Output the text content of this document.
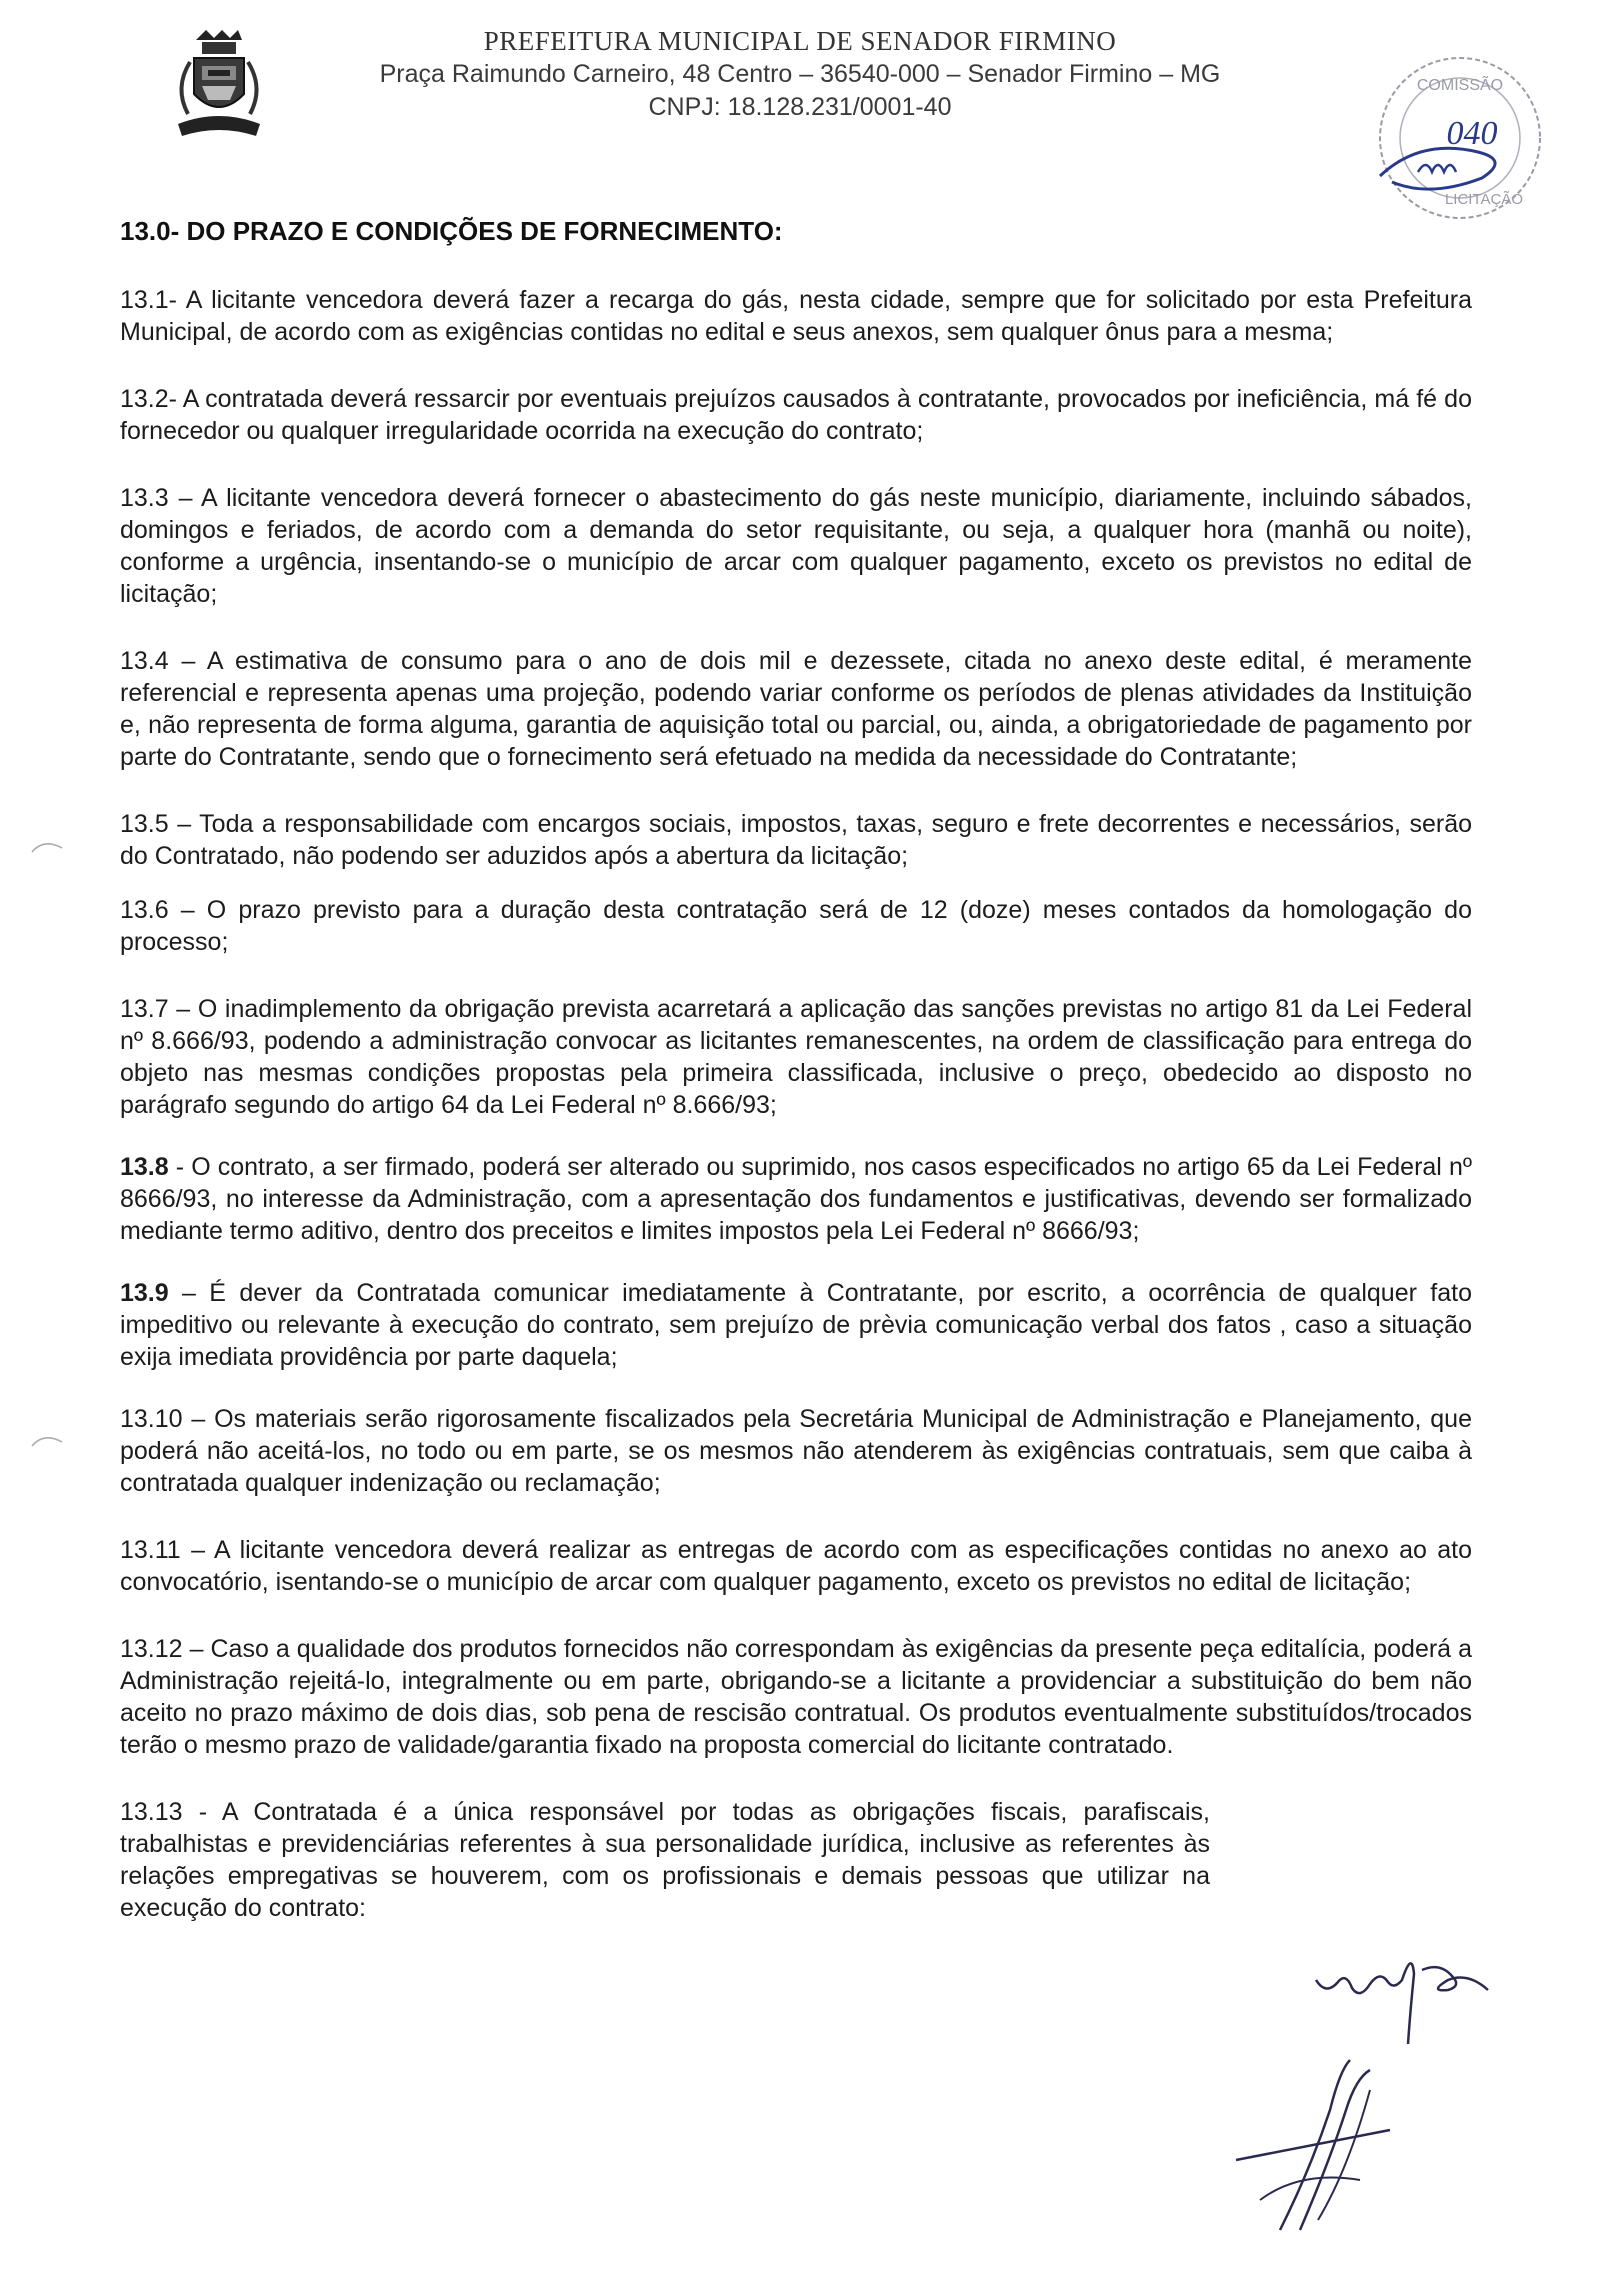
PREFEITURA MUNICIPAL DE SENADOR FIRMINO
Praça Raimundo Carneiro, 48 Centro – 36540-000 – Senador Firmino – MG
CNPJ: 18.128.231/0001-40
COMISSÃO
040
LICITAÇÃO
13.0- DO PRAZO E CONDIÇÕES DE FORNECIMENTO:

13.1- A licitante vencedora deverá fazer a recarga do gás, nesta cidade, sempre que for solicitado por esta Prefeitura Municipal, de acordo com as exigências contidas no edital e seus anexos, sem qualquer ônus para a mesma;

13.2- A contratada deverá ressarcir por eventuais prejuízos causados à contratante, provocados por ineficiência, má fé do fornecedor ou qualquer irregularidade ocorrida na execução do contrato;

13.3 – A licitante vencedora deverá fornecer o abastecimento do gás neste município, diariamente, incluindo sábados, domingos e feriados, de acordo com a demanda do setor requisitante, ou seja, a qualquer hora (manhã ou noite), conforme a urgência, insentando-se o município de arcar com qualquer pagamento, exceto os previstos no edital de licitação;

13.4 – A estimativa de consumo para o ano de dois mil e dezessete, citada no anexo deste edital, é meramente referencial e representa apenas uma projeção, podendo variar conforme os períodos de plenas atividades da Instituição e, não representa de forma alguma, garantia de aquisição total ou parcial, ou, ainda, a obrigatoriedade de pagamento por parte do Contratante, sendo que o fornecimento será efetuado na medida da necessidade do Contratante;

13.5 – Toda a responsabilidade com encargos sociais, impostos, taxas, seguro e frete decorrentes e necessários, serão do Contratado, não podendo ser aduzidos após a abertura da licitação;

13.6 – O prazo previsto para a duração desta contratação será de 12 (doze) meses contados da homologação do processo;

13.7 – O inadimplemento da obrigação prevista acarretará a aplicação das sanções previstas no artigo 81 da Lei Federal nº 8.666/93, podendo a administração convocar as licitantes remanescentes, na ordem de classificação para entrega do objeto nas mesmas condições propostas pela primeira classificada, inclusive o preço, obedecido ao disposto no parágrafo segundo do artigo 64 da Lei Federal nº 8.666/93;

13.8 - O contrato, a ser firmado, poderá ser alterado ou suprimido, nos casos especificados no artigo 65 da Lei Federal nº 8666/93, no interesse da Administração, com a apresentação dos fundamentos e justificativas, devendo ser formalizado mediante termo aditivo, dentro dos preceitos e limites impostos pela Lei Federal nº 8666/93;

13.9 – É dever da Contratada comunicar imediatamente à Contratante, por escrito, a ocorrência de qualquer fato impeditivo ou relevante à execução do contrato, sem prejuízo de prèvia comunicação verbal dos fatos , caso a situação exija imediata providência por parte daquela;

13.10 – Os materiais serão rigorosamente fiscalizados pela Secretária Municipal de Administração e Planejamento, que poderá não aceitá-los, no todo ou em parte, se os mesmos não atenderem às exigências contratuais, sem que caiba à contratada qualquer indenização ou reclamação;

13.11 – A licitante vencedora deverá realizar as entregas de acordo com as especificações contidas no anexo ao ato convocatório, isentando-se o município de arcar com qualquer pagamento, exceto os previstos no edital de licitação;

13.12 – Caso a qualidade dos produtos fornecidos não correspondam às exigências da presente peça editalícia, poderá a Administração rejeitá-lo, integralmente ou em parte, obrigando-se a licitante a providenciar a substituição do bem não aceito no prazo máximo de dois dias, sob pena de rescisão contratual. Os produtos eventualmente substituídos/trocados terão o mesmo prazo de validade/garantia fixado na proposta comercial do licitante contratado.

13.13 - A Contratada é a única responsável por todas as obrigações fiscais, parafiscais, trabalhistas e previdenciárias referentes à sua personalidade jurídica, inclusive as referentes às relações empregativas se houverem, com os profissionais e demais pessoas que utilizar na execução do contrato:
